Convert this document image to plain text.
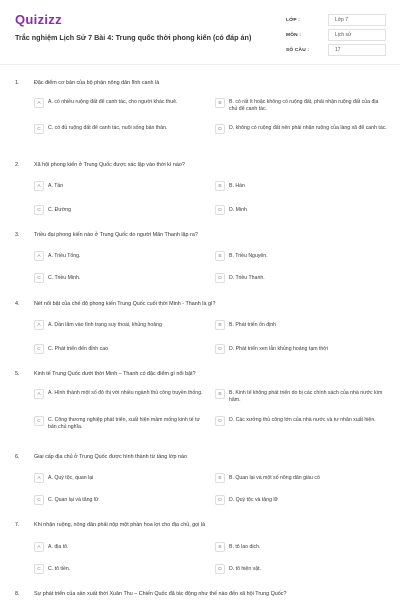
Quizizz
Trắc nghiệm Lịch Sử 7 Bài 4: Trung quốc thời phong kiến (có đáp án)
LỚP :	Lớp 7
MÔN :	Lịch sử
SỐ CÂU :	17
1.	Đặc điểm cơ bản của bộ phận nông dân lĩnh canh là
A	A. có nhiều ruộng đất để canh tác, cho người khác thuê.	B	B. có rất ít hoặc không có ruộng đất, phải nhận ruộng đất của địa chủ để canh tác.
C	C. có đủ ruộng đất để canh tác, nuôi sống bản thân.	D	D. không có ruộng đất nên phải nhận ruộng của làng xã để canh tác.
2.	Xã hội phong kiến ở Trung Quốc được xác lập vào thời kì nào?
A	A. Tần	B	B. Hán
C	C. Đường	D	D. Minh
3.	Triều đại phong kiến nào ở Trung Quốc do người Mãn Thanh lập ra?
A	A. Triều Tống.	B	B. Triều Nguyên.
C	C. Triều Minh.	D	D. Triều Thanh.
4.	Nét nổi bật của chế độ phong kiến Trung Quốc cuối thời Minh - Thanh là gì?
A	A. Dần lâm vào tình trạng suy thoái, khủng hoảng	B	B. Phát triển ổn định
C	C. Phát triển đến đỉnh cao	D	D. Phát triển xen lẫn khủng hoảng tạm thời
5.	Kinh tế Trung Quốc dưới thời Minh – Thanh có đặc điểm gì nổi bật?
A	A. Hình thành một số đô thị với nhiều ngành thủ công truyền thống.	B	B. Kinh tế không phát triển do bị các chính sách của nhà nước kìm hãm.
C	C. Công thương nghiệp phát triển, xuất hiện mầm mống kinh tế tư bản chủ nghĩa.
D	D. Các xưởng thủ công lớn của nhà nước và tư nhân xuất hiện.
6.	Giai cấp địa chủ ở Trung Quốc được hình thành từ tầng lớp nào
A	A. Quý tộc, quan lại	B	B. Quan lại và một số nông dân giàu có
C	C. Quan lại và tăng lữ	D	D. Quý tộc và tăng lữ
7.	Khi nhận ruộng, nông dân phải nộp một phần hoa lợi cho địa chủ, gọi là
A	A. địa tô.	B	B. tô lao dịch.
C	C. tô tiền.	D	D. tô hiện vật.
8.	Sự phát triển của sản xuất thời Xuân Thu – Chiến Quốc đã tác động như thế nào đến xã hội Trung Quốc?
